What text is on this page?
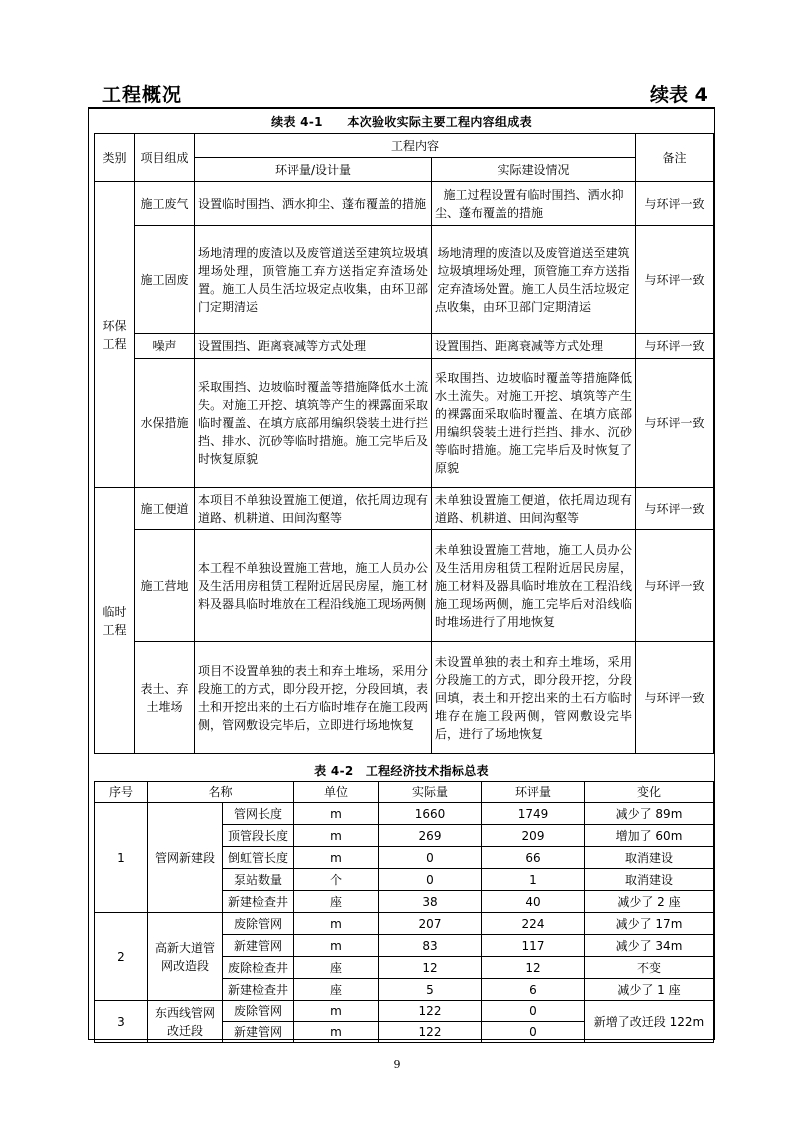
工程概况	续表 4
续表 4-1　　本次验收实际主要工程内容组成表
类别	项目组成	工程内容		备注
		环评量/设计量	实际建设情况	
环保工程	施工废气	设置临时围挡、洒水抑尘、蓬布覆盖的措施	施工过程设置有临时围挡、洒水抑尘、蓬布覆盖的措施	与环评一致
	施工固废	场地清理的废渣以及废管道送至建筑垃圾填埋场处理，顶管施工弃方送指定弃渣场处置。施工人员生活垃圾定点收集，由环卫部门定期清运	场地清理的废渣以及废管道送至建筑垃圾填埋场处理，顶管施工弃方送指定弃渣场处置。施工人员生活垃圾定点收集，由环卫部门定期清运	与环评一致
	噪声	设置围挡、距离衰减等方式处理	设置围挡、距离衰减等方式处理	与环评一致
	水保措施	采取围挡、边坡临时覆盖等措施降低水土流失。对施工开挖、填筑等产生的裸露面采取临时覆盖、在填方底部用编织袋装土进行拦挡、排水、沉砂等临时措施。施工完毕后及时恢复原貌	采取围挡、边坡临时覆盖等措施降低水土流失。对施工开挖、填筑等产生的裸露面采取临时覆盖、在填方底部用编织袋装土进行拦挡、排水、沉砂等临时措施。施工完毕后及时恢复了原貌	与环评一致
临时工程	施工便道	本项目不单独设置施工便道，依托周边现有道路、机耕道、田间沟壑等	未单独设置施工便道，依托周边现有道路、机耕道、田间沟壑等	与环评一致
	施工营地	本工程不单独设置施工营地，施工人员办公及生活用房租赁工程附近居民房屋，施工材料及器具临时堆放在工程沿线施工现场两侧	未单独设置施工营地，施工人员办公及生活用房租赁工程附近居民房屋，施工材料及器具临时堆放在工程沿线施工现场两侧，施工完毕后对沿线临时堆场进行了用地恢复	与环评一致
	表土、弃土堆场	项目不设置单独的表土和弃土堆场，采用分段施工的方式，即分段开挖，分段回填，表土和开挖出来的土石方临时堆存在施工段两侧，管网敷设完毕后，立即进行场地恢复	未设置单独的表土和弃土堆场，采用分段施工的方式，即分段开挖，分段回填，表土和开挖出来的土石方临时堆存在施工段两侧，管网敷设完毕后，进行了场地恢复	与环评一致
表 4-2　工程经济技术指标总表
序号	名称		单位	实际量	环评量	变化
1	管网新建段	管网长度	m	1660	1749	减少了 89m
		顶管段长度	m	269	209	增加了 60m
		倒虹管长度	m	0	66	取消建设
		泵站数量	个	0	1	取消建设
		新建检查井	座	38	40	减少了 2 座
2	高新大道管网改造段	废除管网	m	207	224	减少了 17m
		新建管网	m	83	117	减少了 34m
		废除检查井	座	12	12	不变
		新建检查井	座	5	6	减少了 1 座
3	东西线管网改迁段	废除管网	m	122	0	新增了改迁段 122m
		新建管网	m	122	0	
9
